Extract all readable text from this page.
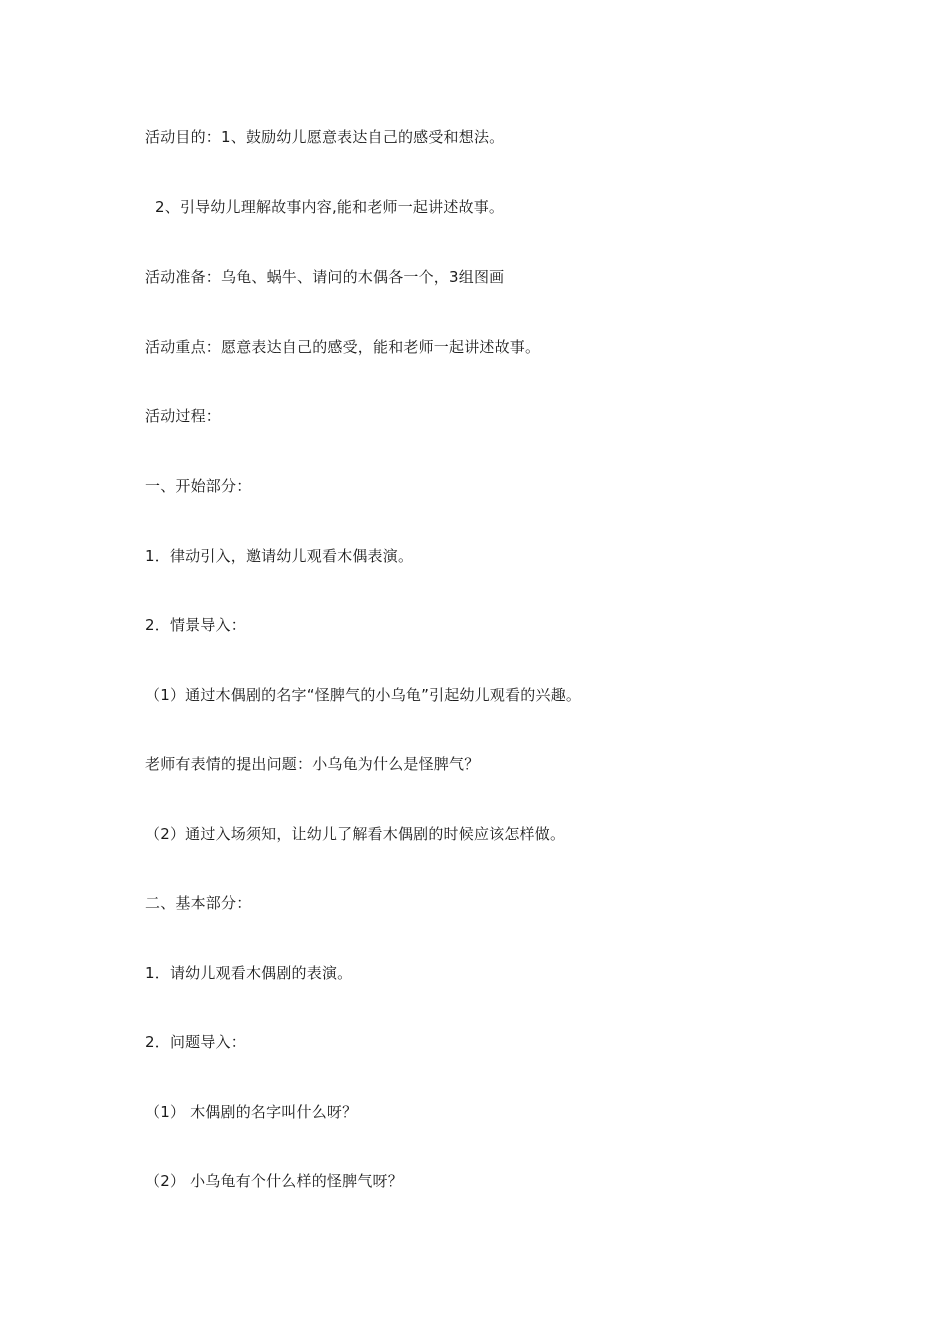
活动目的：1、鼓励幼儿愿意表达自己的感受和想法。
2、引导幼儿理解故事内容,能和老师一起讲述故事。
活动准备：乌龟、蜗牛、请问的木偶各一个，3组图画
活动重点：愿意表达自己的感受，能和老师一起讲述故事。
活动过程：
一、开始部分：
1．律动引入，邀请幼儿观看木偶表演。
2．情景导入：
（1）通过木偶剧的名字“怪脾气的小乌龟”引起幼儿观看的兴趣。
老师有表情的提出问题：小乌龟为什么是怪脾气？
（2）通过入场须知，让幼儿了解看木偶剧的时候应该怎样做。
二、基本部分：
1．请幼儿观看木偶剧的表演。
2．问题导入：
（1） 木偶剧的名字叫什么呀？
（2） 小乌龟有个什么样的怪脾气呀？
